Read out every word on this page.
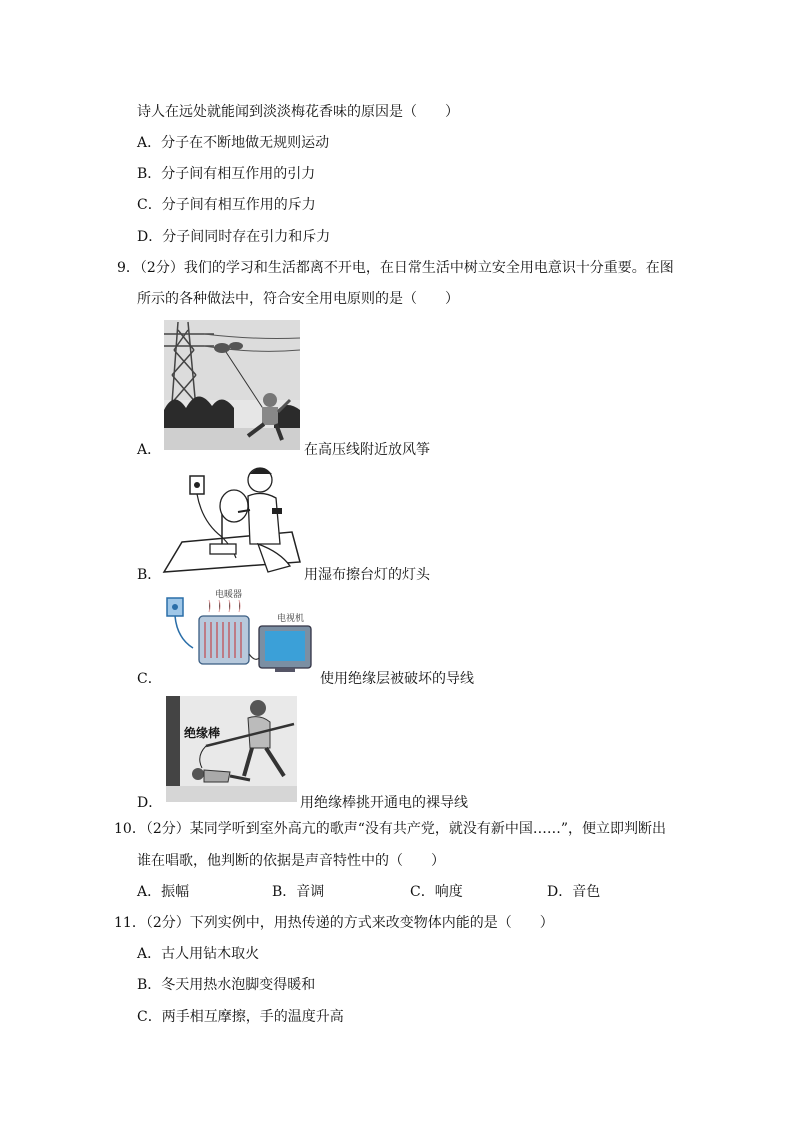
诗人在远处就能闻到淡淡梅花香味的原因是（　　）
A．分子在不断地做无规则运动
B．分子间有相互作用的引力
C．分子间有相互作用的斥力
D．分子间同时存在引力和斥力
9．（2分）我们的学习和生活都离不开电，在日常生活中树立安全用电意识十分重要。在图
所示的各种做法中，符合安全用电原则的是（　　）
A．	在高压线附近放风筝
B．	用湿布擦台灯的灯头
电暖器
电视机
C．	使用绝缘层被破坏的导线
绝缘棒
D．	用绝缘棒挑开通电的裸导线
10．（2分）某同学听到室外高亢的歌声“没有共产党，就没有新中国……”，便立即判断出
谁在唱歌，他判断的依据是声音特性中的（　　）
A．振幅	B．音调	C．响度	D．音色
11．（2分）下列实例中，用热传递的方式来改变物体内能的是（　　）
A．古人用钻木取火
B．冬天用热水泡脚变得暖和
C．两手相互摩擦，手的温度升高
